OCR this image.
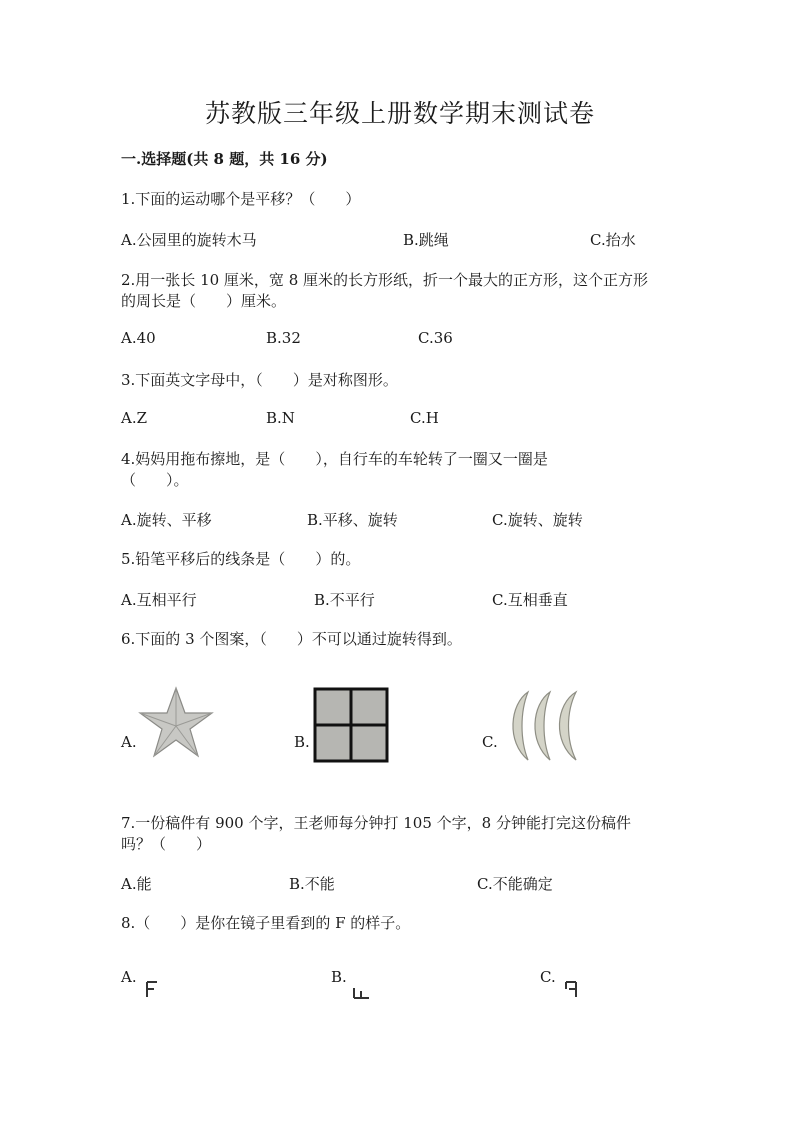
苏教版三年级上册数学期末测试卷
一.选择题(共 8 题，共 16 分)
1.下面的运动哪个是平移？（　　）
A.公园里的旋转木马	B.跳绳	C.抬水
2.用一张长 10 厘米，宽 8 厘米的长方形纸，折一个最大的正方形，这个正方形
的周长是（　　）厘米。
A.40	B.32	C.36
3.下面英文字母中，（　　）是对称图形。
A.Z	B.N	C.H
4.妈妈用拖布擦地，是（　　），自行车的车轮转了一圈又一圈是
（　　）。
A.旋转、平移	B.平移、旋转	C.旋转、旋转
5.铅笔平移后的线条是（　　）的。
A.互相平行	B.不平行	C.互相垂直
6.下面的 3 个图案，（　　）不可以通过旋转得到。
A.	B.	C.
7.一份稿件有 900 个字，王老师每分钟打 105 个字，8 分钟能打完这份稿件
吗？（　　）
A.能	B.不能	C.不能确定
8.（　　）是你在镜子里看到的 F 的样子。
A.	B.	C.
